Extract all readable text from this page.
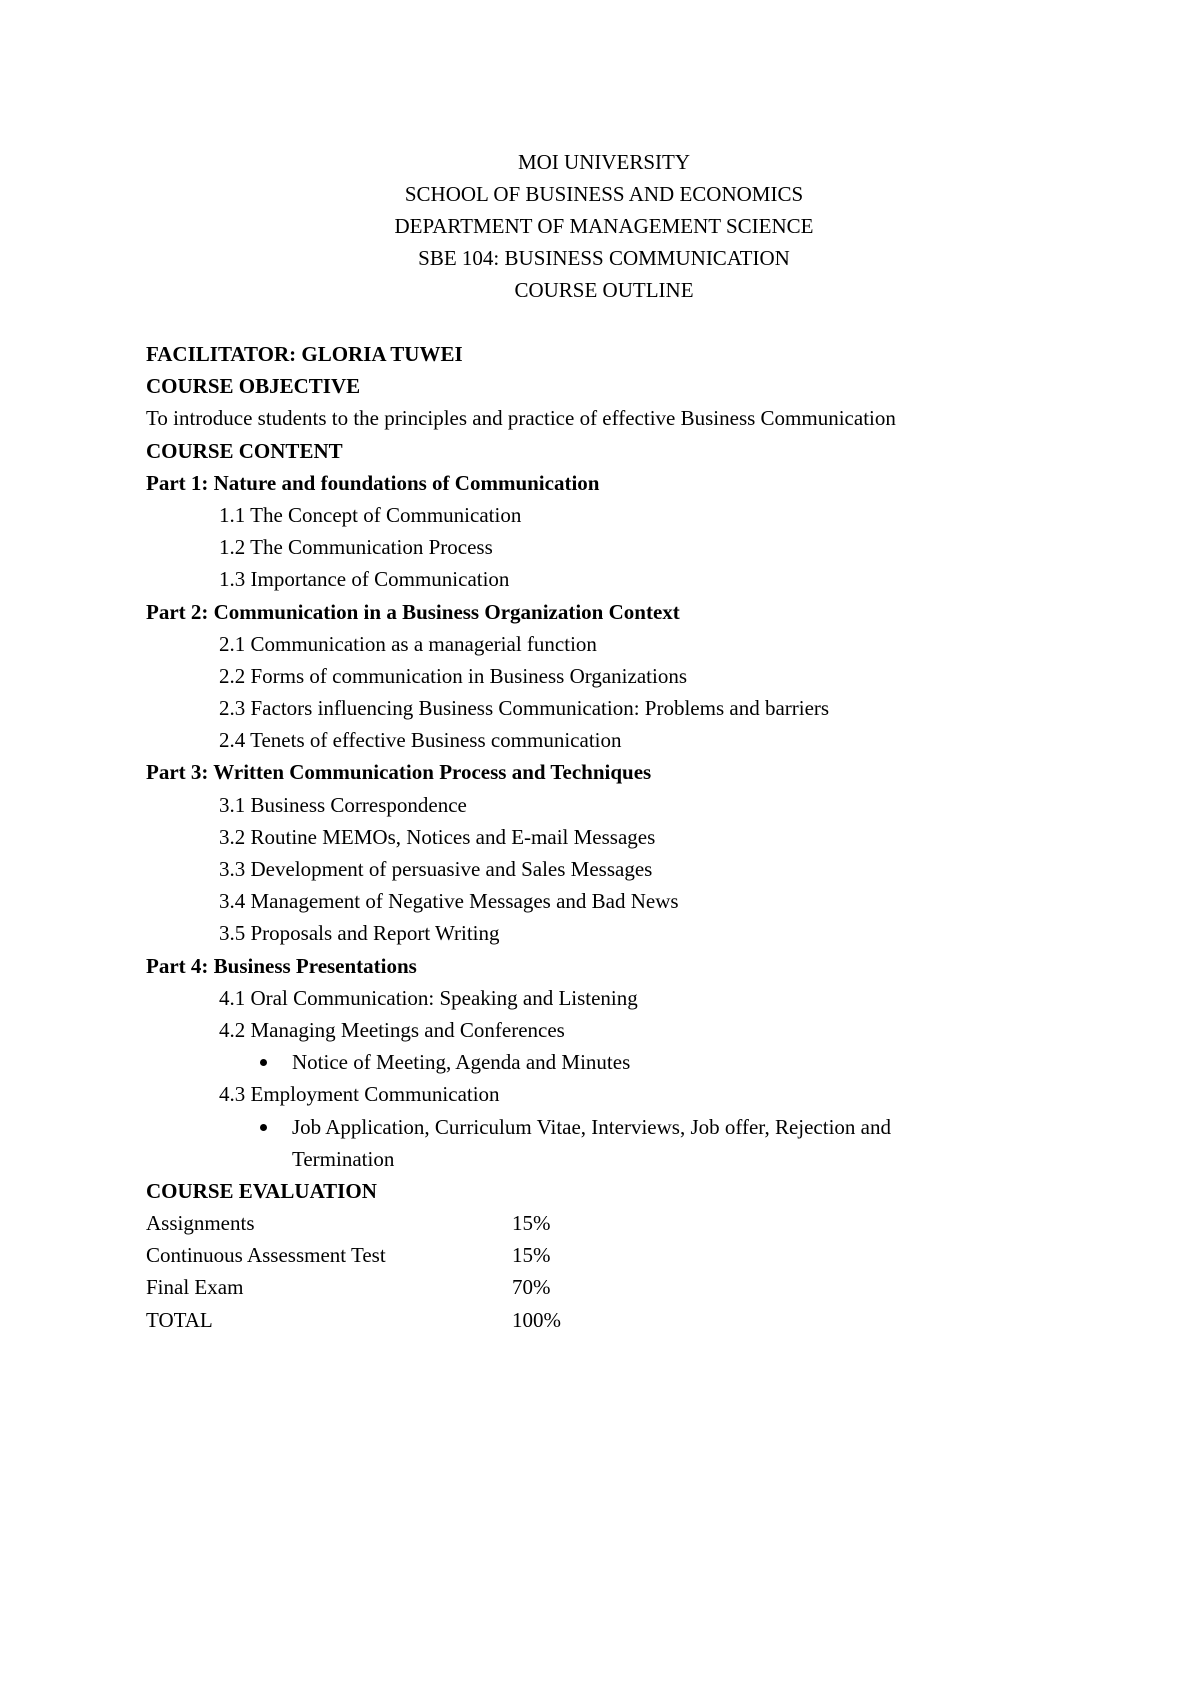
MOI UNIVERSITY
SCHOOL OF BUSINESS AND ECONOMICS
DEPARTMENT OF MANAGEMENT SCIENCE
SBE 104: BUSINESS COMMUNICATION
COURSE OUTLINE
FACILITATOR: GLORIA TUWEI
COURSE OBJECTIVE
To introduce students to the principles and practice of effective Business Communication
COURSE CONTENT
Part 1: Nature and foundations of Communication
1.1 The Concept of Communication
1.2 The Communication Process
1.3 Importance of Communication
Part 2: Communication in a Business Organization Context
2.1 Communication as a managerial function
2.2 Forms of communication in Business Organizations
2.3 Factors influencing Business Communication: Problems and barriers
2.4 Tenets of effective Business communication
Part 3: Written Communication Process and Techniques
3.1 Business Correspondence
3.2 Routine MEMOs, Notices and E-mail Messages
3.3 Development of persuasive and Sales Messages
3.4 Management of Negative Messages and Bad News
3.5 Proposals and Report Writing
Part 4: Business Presentations
4.1 Oral Communication: Speaking and Listening
4.2 Managing Meetings and Conferences
Notice of Meeting, Agenda and Minutes
4.3 Employment Communication
Job Application, Curriculum Vitae, Interviews, Job offer, Rejection and
Termination
COURSE EVALUATION
Assignments	15%
Continuous Assessment Test	15%
Final Exam	70%
TOTAL	100%
